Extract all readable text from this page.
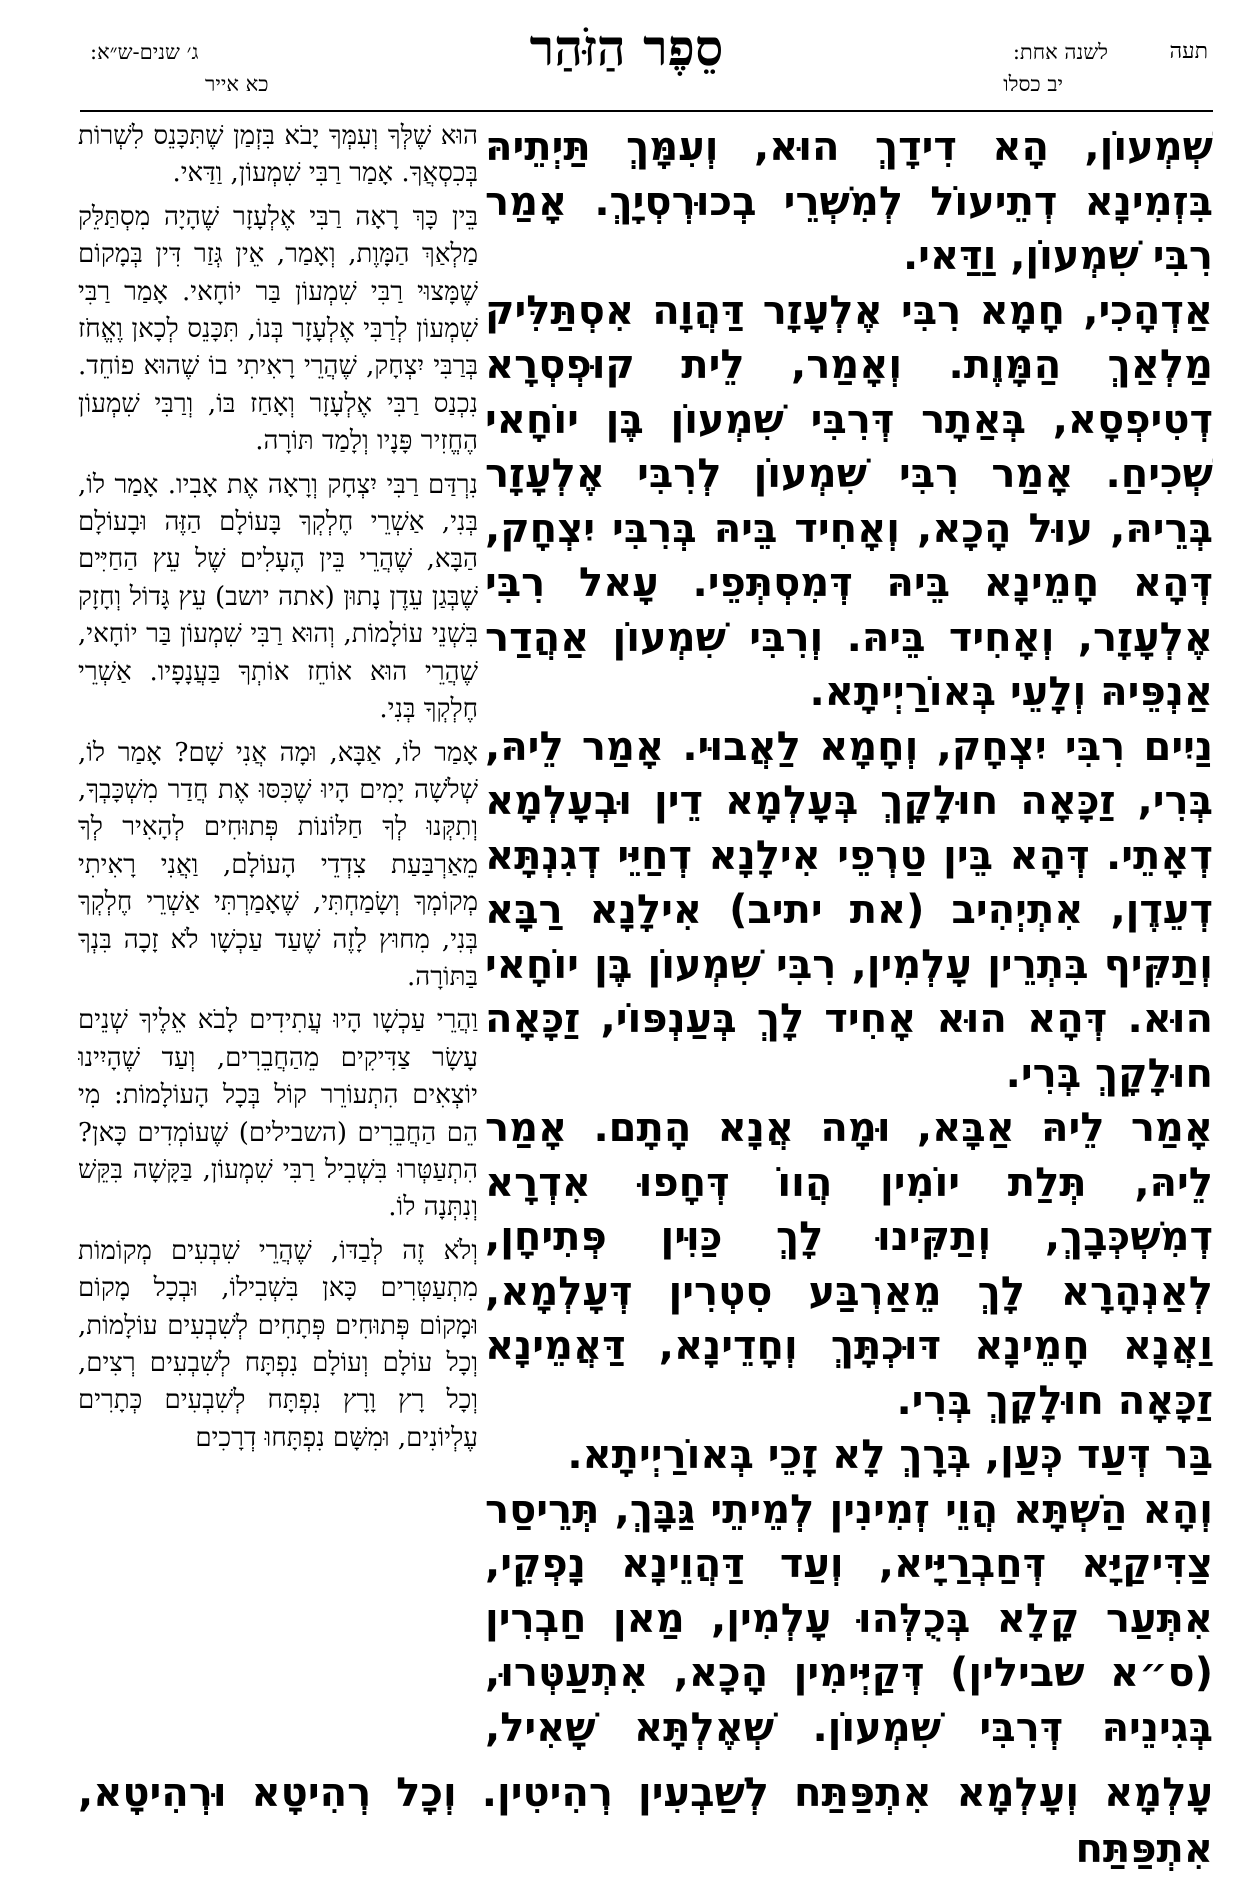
תעה
לשנה אחת:
יב כסלו
סֵפֶר הַזֹּהַר
ג׳ שנים-ש״א:
כא אייר

שְׁמְעוֹן, הָא דִידָךְ הוּא, וְעִמָּךְ תַּיְתֵיהּ בִּזְמִינָא דְתֵיעוֹל לְמִשְׁרֵי בְכוּרְסְיָךְ. אָמַר רִבִּי שִׁמְעוֹן, וַדַּאי.

אַדְהָכִי, חָמָא רִבִּי אֶלְעָזָר דַּהֲוָה אִסְתַּלִּיק מַלְאַךְ הַמָּוֶת. וְאָמַר, לֵית קוּפְסְרָא דְטִיפְסָא, בְּאַתָר דְּרִבִּי שִׁמְעוֹן בֶּן יוֹחָאי שְׁכִיחַ. אָמַר רִבִּי שִׁמְעוֹן לְרִבִּי אֶלְעָזָר בְּרֵיהּ, עוּל הָכָא, וְאָחִיד בֵּיהּ בְּרִבִּי יִצְחָק, דְּהָא חָמֵינָא בֵּיהּ דְּמִסְתְּפֵי. עָאל רִבִּי אֶלְעָזָר, וְאָחִיד בֵּיהּ. וְרִבִּי שִׁמְעוֹן אַהֲדַר אַנְפֵּיהּ וְלָעֵי בְּאוֹרַיְיתָא.

נַיִים רִבִּי יִצְחָק, וְחָמָא לַאֲבוּי. אָמַר לֵיהּ, בְּרִי, זַכָּאָה חוּלָקָךְ בְּעָלְמָא דֵין וּבְעָלְמָא דְאָתֵי. דְּהָא בֵּין טַרְפֵי אִילָנָא דְחַיֵּי דְגִנְתָּא דְעֵדֶן, אִתְיְהִיב (את יתיב) אִילָנָא רַבָּא וְתַקִּיף בִּתְרֵין עָלְמִין, רִבִּי שִׁמְעוֹן בֶּן יוֹחָאי הוּא. דְּהָא הוּא אָחִיד לָךְ בְּעַנְפּוֹי, זַכָּאָה חוּלָקָךְ בְּרִי.

אָמַר לֵיהּ אַבָּא, וּמָה אֲנָא הָתָם. אָמַר לֵיהּ, תְּלַת יוֹמִין הֲווֹ דְּחָפוּ אִדְרָא דְמִשְׁכְּבָךְ, וְתַקִּינוּ לָךְ כַּוִּין פְּתִיחָן, לְאַנְהָרָא לָךְ מֵאַרְבַּע סִטְרִין דְּעָלְמָא, וַאֲנָא חָמֵינָא דּוּכְתָּךְ וְחָדֵינָא, דַּאֲמֵינָא זַכָּאָה חוּלָקָךְ בְּרִי.

בַּר דְּעַד כְּעַן, בְּרָךְ לָא זָכֵי בְּאוֹרַיְיתָא.

וְהָא הַשְׁתָּא הֲוֵי זְמִינִין לְמֵיתֵי גַּבָּךְ, תְּרֵיסַר צַדִּיקַיָּא דְּחַבְרַיָּיא, וְעַד דַּהֲוֵינָא נָפְקֵי, אִתְּעַר קָלָא בְּכֻלְּהוּ עָלְמִין, מַאן חַבְרִין (ס״א שבילין) דְּקַיְּימִין הָכָא, אִתְעַטְּרוּ, בְּגִינֵיהּ דְּרִבִּי שִׁמְעוֹן. שְׁאֶלְתָּא שָׁאִיל,

הוּא שֶׁלְּךָ וְעִמְּךָ יָבֹא בִּזְמַן שֶׁתִּכָּנֵס לִשְׁרוֹת בְּכִסְאֲךָ. אָמַר רַבִּי שִׁמְעוֹן, וַדַּאי.

בֵּין כָּךְ רָאָה רַבִּי אֶלְעָזָר שֶׁהָיָה מִסְתַּלֵּק מַלְאַךְ הַמָּוֶת, וְאָמַר, אֵין גְּזַר דִּין בְּמָקוֹם שֶׁמָּצוּי רַבִּי שִׁמְעוֹן בַּר יוֹחָאי. אָמַר רַבִּי שִׁמְעוֹן לְרַבִּי אֶלְעָזָר בְּנוֹ, תִּכָּנֵס לְכָאן וֶאֱחֹז בְּרַבִּי יִצְחָק, שֶׁהֲרֵי רָאִיתִי בוֹ שֶׁהוּא פוֹחֵד. נִכְנַס רַבִּי אֶלְעָזָר וְאָחַז בּוֹ, וְרַבִּי שִׁמְעוֹן הֶחֱזִיר פָּנָיו וְלָמַד תּוֹרָה.

נִרְדַּם רַבִּי יִצְחָק וְרָאָה אֶת אָבִיו. אָמַר לוֹ, בְּנִי, אַשְׁרֵי חֶלְקְךָ בָּעוֹלָם הַזֶּה וּבָעוֹלָם הַבָּא, שֶׁהֲרֵי בֵּין הֶעָלִים שֶׁל עֵץ הַחַיִּים שֶׁבְּגַן עֵדֶן נָתוּן (אתה יושב) עֵץ גָּדוֹל וְחָזָק בִּשְׁנֵי עוֹלָמוֹת, וְהוּא רַבִּי שִׁמְעוֹן בַּר יוֹחָאי, שֶׁהֲרֵי הוּא אוֹחֵז אוֹתְךָ בַּעֲנָפָיו. אַשְׁרֵי חֶלְקְךָ בְּנִי.

אָמַר לוֹ, אַבָּא, וּמָה אֲנִי שָׁם? אָמַר לוֹ, שְׁלֹשָׁה יָמִים הָיוּ שֶׁכִּסּוּ אֶת חֲדַר מִשְׁכָּבְךָ, וְתִקְּנוּ לְךָ חַלּוֹנוֹת פְּתוּחִים לְהָאִיר לְךָ מֵאַרְבַּעַת צִדְדֵי הָעוֹלָם, וַאֲנִי רָאִיתִי מְקוֹמְךָ וְשָׂמַחְתִּי, שֶׁאָמַרְתִּי אַשְׁרֵי חֶלְקְךָ בְּנִי, מִחוּץ לָזֶה שֶׁעַד עַכְשָׁו לֹא זָכָה בִּנְךָ בַּתּוֹרָה.

וַהֲרֵי עַכְשָׁו הָיוּ עֲתִידִים לָבֹא אֵלֶיךָ שְׁנֵים עָשָׂר צַדִּיקִים מֵהַחֲבֵרִים, וְעַד שֶׁהָיִינוּ יוֹצְאִים הִתְעוֹרֵר קוֹל בְּכָל הָעוֹלָמוֹת: מִי הֵם הַחֲבֵרִים (השבילים) שֶׁעוֹמְדִים כָּאן? הִתְעַטְּרוּ בִּשְׁבִיל רַבִּי שִׁמְעוֹן, בַּקָּשָׁה בִּקֵּשׁ וְנִתְּנָה לוֹ.

וְלֹא זֶה לְבַדּוֹ, שֶׁהֲרֵי שִׁבְעִים מְקוֹמוֹת מִתְעַטְּרִים כָּאן בִּשְׁבִילוֹ, וּבְכָל מָקוֹם וּמָקוֹם פְּתוּחִים פְּתָחִים לְשִׁבְעִים עוֹלָמוֹת, וְכָל עוֹלָם וְעוֹלָם נִפְתָּח לְשִׁבְעִים רְצִים, וְכָל רָץ וָרָץ נִפְתָּח לְשִׁבְעִים כְּתָרִים עֶלְיוֹנִים, וּמִשָּׁם נִפְתָּחוּ דְרָכִים

עָלְמָא וְעָלְמָא אִתְפַּתַּח לְשַׁבְעִין רְהִיטִין. וְכָל רְהִיטָא וּרְהִיטָא, אִתְפַּתַּח
